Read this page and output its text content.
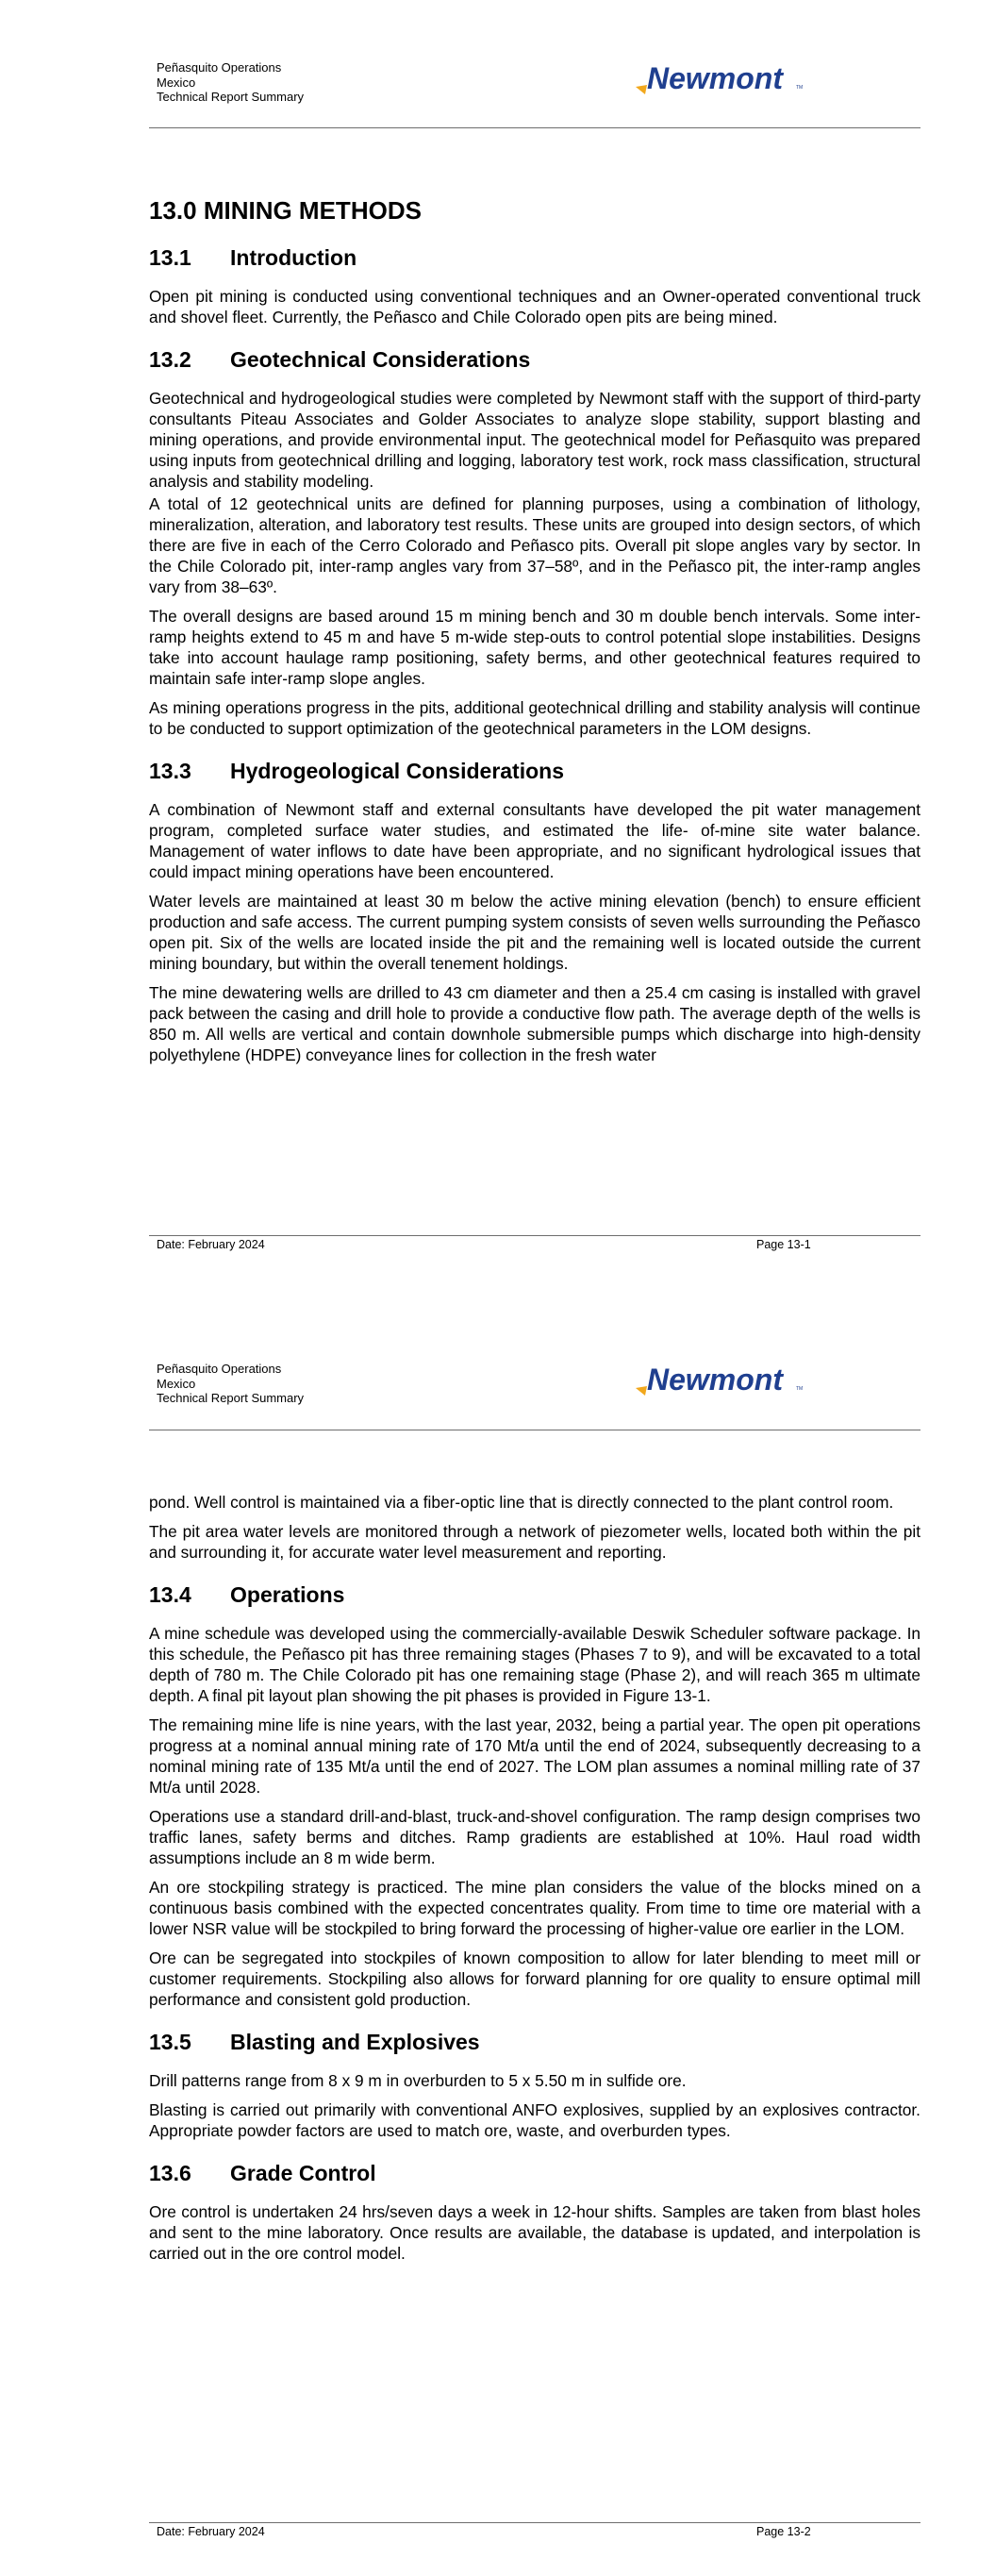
Peñasquito Operations
Mexico
Technical Report Summary
Newmont	TM
13.0 MINING METHODS
13.1 Introduction

Open pit mining is conducted using conventional techniques and an Owner-operated conventional truck and shovel fleet. Currently, the Peñasco and Chile Colorado open pits are being mined.

13.2 Geotechnical Considerations

Geotechnical and hydrogeological studies were completed by Newmont staff with the support of third-party consultants Piteau Associates and Golder Associates to analyze slope stability, support blasting and mining operations, and provide environmental input. The geotechnical model for Peñasquito was prepared using inputs from geotechnical drilling and logging, laboratory test work, rock mass classification, structural analysis and stability modeling.

A total of 12 geotechnical units are defined for planning purposes, using a combination of lithology, mineralization, alteration, and laboratory test results. These units are grouped into design sectors, of which there are five in each of the Cerro Colorado and Peñasco pits. Overall pit slope angles vary by sector. In the Chile Colorado pit, inter-ramp angles vary from 37–58º, and in the Peñasco pit, the inter-ramp angles vary from 38–63º.

The overall designs are based around 15 m mining bench and 30 m double bench intervals. Some inter-ramp heights extend to 45 m and have 5 m-wide step-outs to control potential slope instabilities. Designs take into account haulage ramp positioning, safety berms, and other geotechnical features required to maintain safe inter-ramp slope angles.

As mining operations progress in the pits, additional geotechnical drilling and stability analysis will continue to be conducted to support optimization of the geotechnical parameters in the LOM designs.

13.3 Hydrogeological Considerations

A combination of Newmont staff and external consultants have developed the pit water management program, completed surface water studies, and estimated the life- of-mine site water balance. Management of water inflows to date have been appropriate, and no significant hydrological issues that could impact mining operations have been encountered.

Water levels are maintained at least 30 m below the active mining elevation (bench) to ensure efficient production and safe access. The current pumping system consists of seven wells surrounding the Peñasco open pit. Six of the wells are located inside the pit and the remaining well is located outside the current mining boundary, but within the overall tenement holdings.

The mine dewatering wells are drilled to 43 cm diameter and then a 25.4 cm casing is installed with gravel pack between the casing and drill hole to provide a conductive flow path. The average depth of the wells is 850 m. All wells are vertical and contain downhole submersible pumps which discharge into high-density polyethylene (HDPE) conveyance lines for collection in the fresh water

Date: February 2024	Page 13-1
Peñasquito Operations
Mexico
Technical Report Summary
Newmont	TM

pond. Well control is maintained via a fiber-optic line that is directly connected to the plant control room.

The pit area water levels are monitored through a network of piezometer wells, located both within the pit and surrounding it, for accurate water level measurement and reporting.

13.4 Operations

A mine schedule was developed using the commercially-available Deswik Scheduler software package. In this schedule, the Peñasco pit has three remaining stages (Phases 7 to 9), and will be excavated to a total depth of 780 m. The Chile Colorado pit has one remaining stage (Phase 2), and will reach 365 m ultimate depth. A final pit layout plan showing the pit phases is provided in Figure 13-1.

The remaining mine life is nine years, with the last year, 2032, being a partial year. The open pit operations progress at a nominal annual mining rate of 170 Mt/a until the end of 2024, subsequently decreasing to a nominal mining rate of 135 Mt/a until the end of 2027. The LOM plan assumes a nominal milling rate of 37 Mt/a until 2028.

Operations use a standard drill-and-blast, truck-and-shovel configuration. The ramp design comprises two traffic lanes, safety berms and ditches. Ramp gradients are established at 10%. Haul road width assumptions include an 8 m wide berm.

An ore stockpiling strategy is practiced. The mine plan considers the value of the blocks mined on a continuous basis combined with the expected concentrates quality. From time to time ore material with a lower NSR value will be stockpiled to bring forward the processing of higher-value ore earlier in the LOM.

Ore can be segregated into stockpiles of known composition to allow for later blending to meet mill or customer requirements. Stockpiling also allows for forward planning for ore quality to ensure optimal mill performance and consistent gold production.

13.5 Blasting and Explosives

Drill patterns range from 8 x 9 m in overburden to 5 x 5.50 m in sulfide ore.

Blasting is carried out primarily with conventional ANFO explosives, supplied by an explosives contractor. Appropriate powder factors are used to match ore, waste, and overburden types.

13.6 Grade Control

Ore control is undertaken 24 hrs/seven days a week in 12-hour shifts. Samples are taken from blast holes and sent to the mine laboratory. Once results are available, the database is updated, and interpolation is carried out in the ore control model.

Date: February 2024	Page 13-2
